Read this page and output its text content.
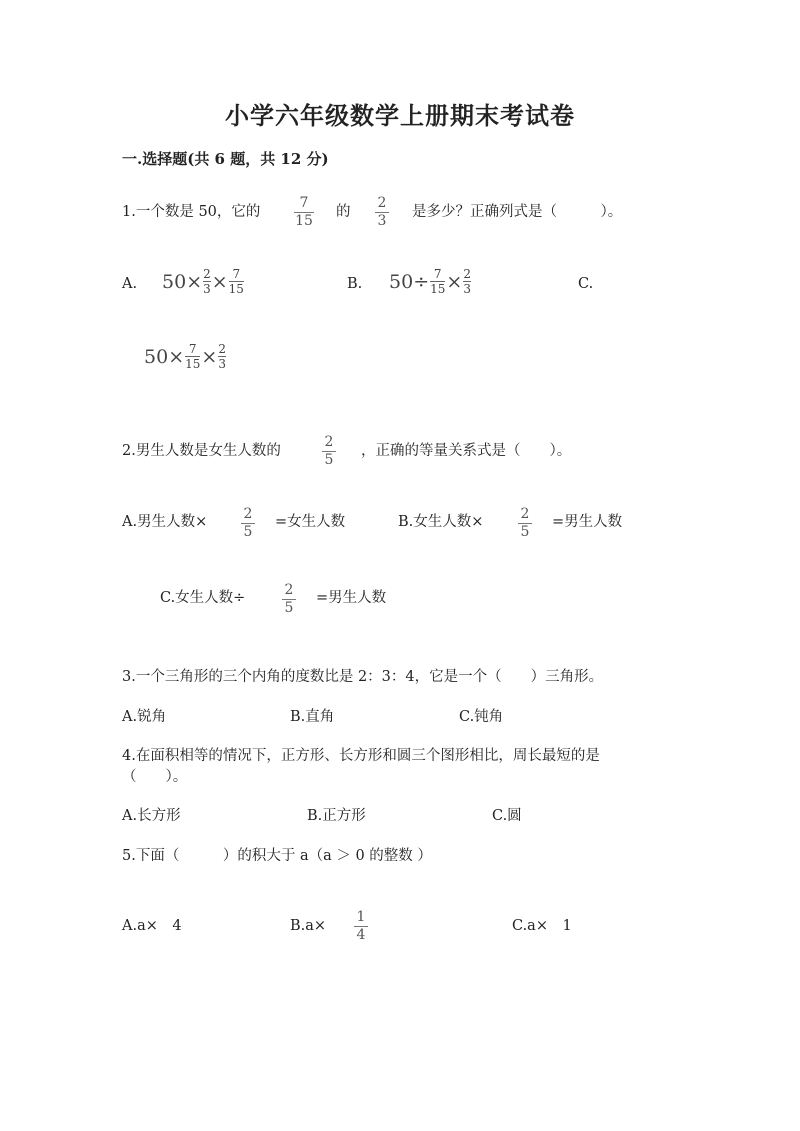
小学六年级数学上册期末考试卷
一.选择题(共 6 题，共 12 分)
1.一个数是 50，它的
7
15
的
2
3
是多少？正确列式是（　　　）。
A. 50 × 2
3 × 7
15	B. 50 ÷ 7
15 × 2
3	C.
50 × 7
15 × 2
3
2.男生人数是女生人数的
2
5
，正确的等量关系式是（　　）。
A.男生人数×	2
5
=女生人数	B.女生人数×	2
5
=男生人数
C.女生人数÷	2
5
=男生人数
3.一个三角形的三个内角的度数比是 2：3：4，它是一个（　　）三角形。
A.锐角	B.直角	C.钝角
4.在面积相等的情况下，正方形、长方形和圆三个图形相比，周长最短的是
（　　）。
A.长方形	B.正方形	C.圆
5.下面（　　　）的积大于 a（a ＞ 0 的整数 ）
A.a×　4	B.a×
1
4
C.a×　1
